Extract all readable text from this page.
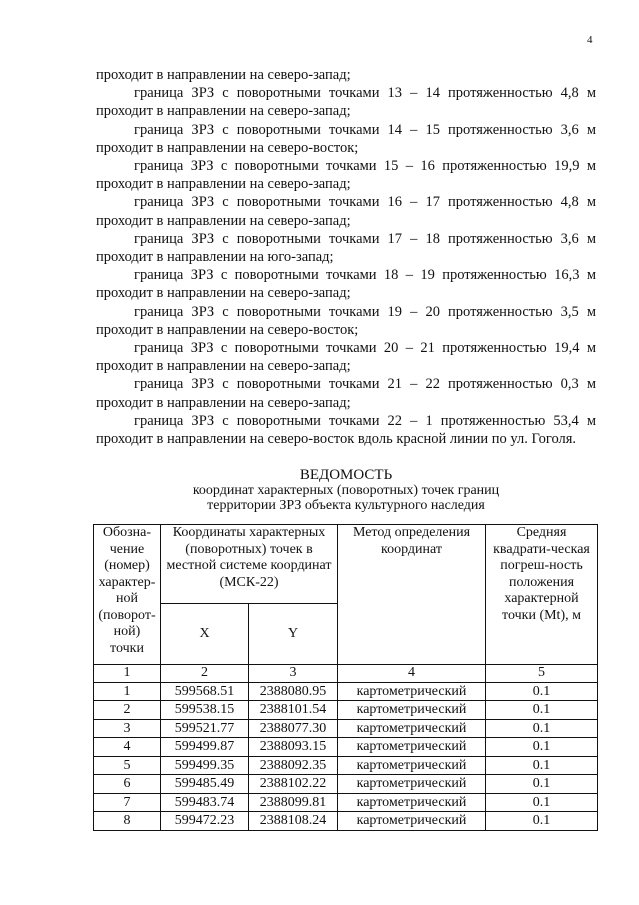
4

проходит в направлении на северо-запад;

граница ЗРЗ с поворотными точками 13 – 14 протяженностью 4,8 м проходит в направлении на северо-запад;

граница ЗРЗ с поворотными точками 14 – 15 протяженностью 3,6 м проходит в направлении на северо-восток;

граница ЗРЗ с поворотными точками 15 – 16 протяженностью 19,9 м проходит в направлении на северо-запад;

граница ЗРЗ с поворотными точками 16 – 17 протяженностью 4,8 м проходит в направлении на северо-запад;

граница ЗРЗ с поворотными точками 17 – 18 протяженностью 3,6 м проходит в направлении на юго-запад;

граница ЗРЗ с поворотными точками 18 – 19 протяженностью 16,3 м проходит в направлении на северо-запад;

граница ЗРЗ с поворотными точками 19 – 20 протяженностью 3,5 м проходит в направлении на северо-восток;

граница ЗРЗ с поворотными точками 20 – 21 протяженностью 19,4 м проходит в направлении на северо-запад;

граница ЗРЗ с поворотными точками 21 – 22 протяженностью 0,3 м проходит в направлении на северо-запад;

граница ЗРЗ с поворотными точками 22 – 1 протяженностью 53,4 м проходит в направлении на северо-восток вдоль красной линии по ул. Гоголя.

ВЕДОМОСТЬ
координат характерных (поворотных) точек границ
территории ЗРЗ объекта культурного наследия
Обозна-чение (номер) характер-ной (поворот-ной) точки	Координаты характерных (поворотных) точек в местной системе координат (МСК-22)		Метод определения координат	Средняя квадрати-ческая погреш-ность положения характерной точки (Mt), м
	X	Y		
1	2	3	4	5
1	599568.51	2388080.95	картометрический	0.1
2	599538.15	2388101.54	картометрический	0.1
3	599521.77	2388077.30	картометрический	0.1
4	599499.87	2388093.15	картометрический	0.1
5	599499.35	2388092.35	картометрический	0.1
6	599485.49	2388102.22	картометрический	0.1
7	599483.74	2388099.81	картометрический	0.1
8	599472.23	2388108.24	картометрический	0.1
